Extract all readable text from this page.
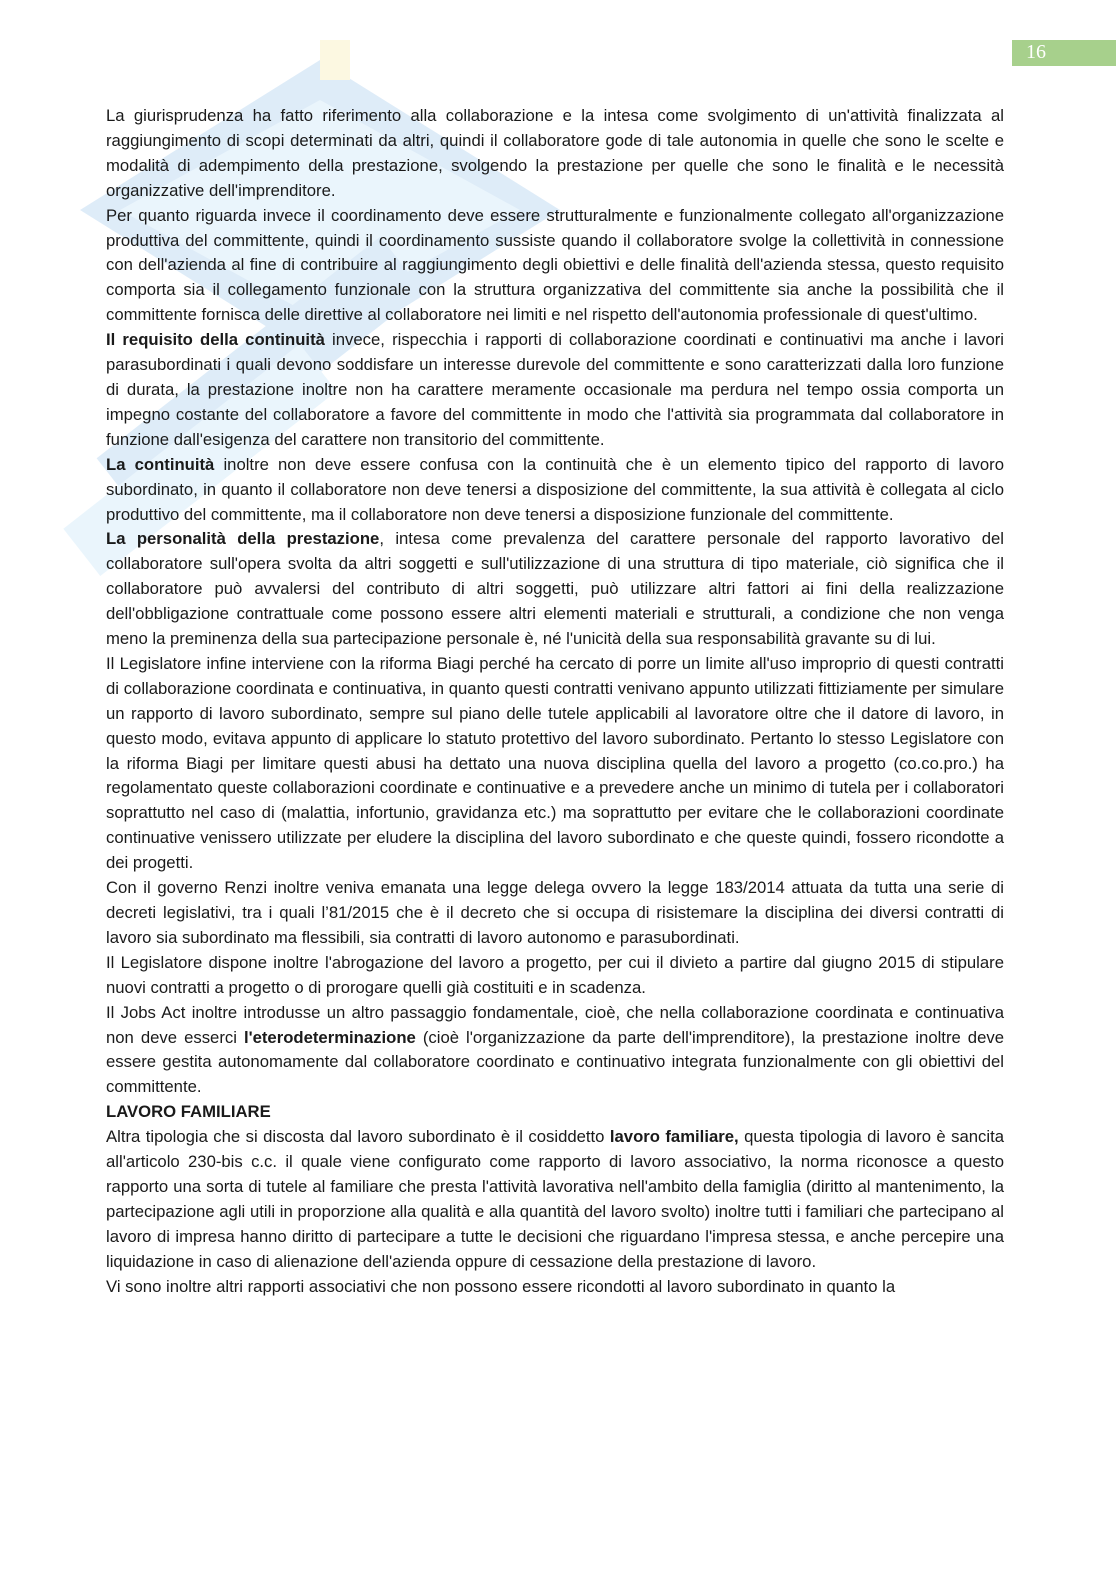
16

La giurisprudenza ha fatto riferimento alla collaborazione e la intesa come svolgimento di un'attività finalizzata al raggiungimento di scopi determinati da altri, quindi il collaboratore gode di tale autonomia in quelle che sono le scelte e modalità di adempimento della prestazione, svolgendo la prestazione per quelle che sono le finalità e le necessità organizzative dell'imprenditore.

Per quanto riguarda invece il coordinamento deve essere strutturalmente e funzionalmente collegato all'organizzazione produttiva del committente, quindi il coordinamento sussiste quando il collaboratore svolge la collettività in connessione con dell'azienda al fine di contribuire al raggiungimento degli obiettivi e delle finalità dell'azienda stessa, questo requisito comporta sia il collegamento funzionale con la struttura organizzativa del committente sia anche la possibilità che il committente fornisca delle direttive al collaboratore nei limiti e nel rispetto dell'autonomia professionale di quest'ultimo.

Il requisito della continuità invece, rispecchia i rapporti di collaborazione coordinati e continuativi ma anche i lavori parasubordinati i quali devono soddisfare un interesse durevole del committente e sono caratterizzati dalla loro funzione di durata, la prestazione inoltre non ha carattere meramente occasionale ma perdura nel tempo ossia comporta un impegno costante del collaboratore a favore del committente in modo che l'attività sia programmata dal collaboratore in funzione dall'esigenza del carattere non transitorio del committente.

La continuità inoltre non deve essere confusa con la continuità che è un elemento tipico del rapporto di lavoro subordinato, in quanto il collaboratore non deve tenersi a disposizione del committente, la sua attività è collegata al ciclo produttivo del committente, ma il collaboratore non deve tenersi a disposizione funzionale del committente.

La personalità della prestazione, intesa come prevalenza del carattere personale del rapporto lavorativo del collaboratore sull'opera svolta da altri soggetti e sull'utilizzazione di una struttura di tipo materiale, ciò significa che il collaboratore può avvalersi del contributo di altri soggetti, può utilizzare altri fattori ai fini della realizzazione dell'obbligazione contrattuale come possono essere altri elementi materiali e strutturali, a condizione che non venga meno la preminenza della sua partecipazione personale è, né l'unicità della sua responsabilità gravante su di lui.

Il Legislatore infine interviene con la riforma Biagi perché ha cercato di porre un limite all'uso improprio di questi contratti di collaborazione coordinata e continuativa, in quanto questi contratti venivano appunto utilizzati fittiziamente per simulare un rapporto di lavoro subordinato, sempre sul piano delle tutele applicabili al lavoratore oltre che il datore di lavoro, in questo modo, evitava appunto di applicare lo statuto protettivo del lavoro subordinato. Pertanto lo stesso Legislatore con la riforma Biagi per limitare questi abusi ha dettato una nuova disciplina quella del lavoro a progetto (co.co.pro.) ha regolamentato queste collaborazioni coordinate e continuative e a prevedere anche un minimo di tutela per i collaboratori soprattutto nel caso di (malattia, infortunio, gravidanza etc.) ma soprattutto per evitare che le collaborazioni coordinate continuative venissero utilizzate per eludere la disciplina del lavoro subordinato e che queste quindi, fossero ricondotte a dei progetti.

Con il governo Renzi inoltre veniva emanata una legge delega ovvero la legge 183/2014 attuata da tutta una serie di decreti legislativi, tra i quali l’81/2015 che è il decreto che si occupa di risistemare la disciplina dei diversi contratti di lavoro sia subordinato ma flessibili, sia contratti di lavoro autonomo e parasubordinati.

Il Legislatore dispone inoltre l'abrogazione del lavoro a progetto, per cui il divieto a partire dal giugno 2015 di stipulare nuovi contratti a progetto o di prorogare quelli già costituiti e in scadenza.

Il Jobs Act inoltre introdusse un altro passaggio fondamentale, cioè, che nella collaborazione coordinata e continuativa non deve esserci l'eterodeterminazione (cioè l'organizzazione da parte dell'imprenditore), la prestazione inoltre deve essere gestita autonomamente dal collaboratore coordinato e continuativo integrata funzionalmente con gli obiettivi del committente.

LAVORO FAMILIARE

Altra tipologia che si discosta dal lavoro subordinato è il cosiddetto lavoro familiare, questa tipologia di lavoro è sancita all'articolo 230-bis c.c. il quale viene configurato come rapporto di lavoro associativo, la norma riconosce a questo rapporto una sorta di tutele al familiare che presta l'attività lavorativa nell'ambito della famiglia (diritto al mantenimento, la partecipazione agli utili in proporzione alla qualità e alla quantità del lavoro svolto) inoltre tutti i familiari che partecipano al lavoro di impresa hanno diritto di partecipare a tutte le decisioni che riguardano l'impresa stessa, e anche percepire una liquidazione in caso di alienazione dell'azienda oppure di cessazione della prestazione di lavoro.

Vi sono inoltre altri rapporti associativi che non possono essere ricondotti al lavoro subordinato in quanto la
